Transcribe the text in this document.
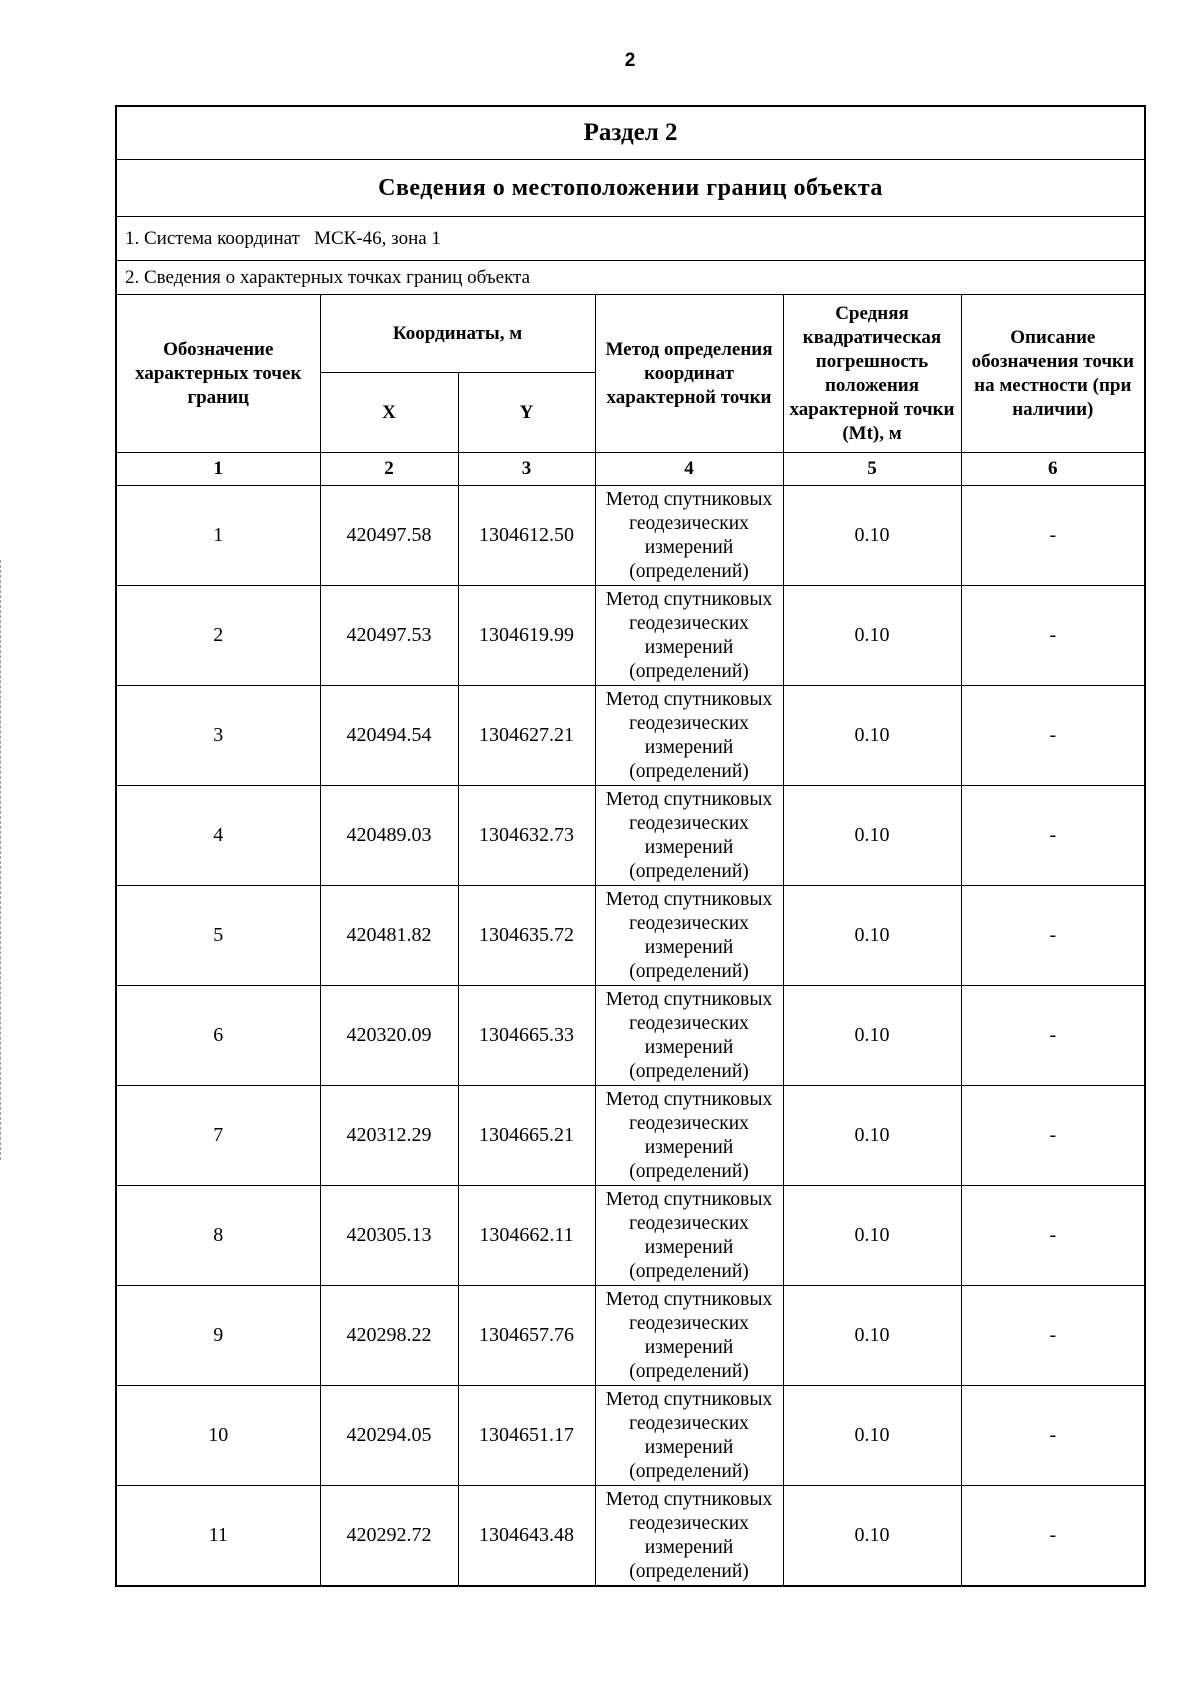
2
Раздел 2					
Сведения о местоположении границ объекта					
1. Система координат МСК-46, зона 1					
2. Сведения о характерных точках границ объекта					
Обозначение характерных точек границ	Координаты, м		Метод определения координат характерной точки	Средняя квадратическая погрешность положения характерной точки (Mt), м	Описание обозначения точки на местности (при наличии)
	X	Y			
1	2	3	4	5	6
1	420497.58	1304612.50	Метод спутниковых геодезических измерений (определений)	0.10	-
2	420497.53	1304619.99	Метод спутниковых геодезических измерений (определений)	0.10	-
3	420494.54	1304627.21	Метод спутниковых геодезических измерений (определений)	0.10	-
4	420489.03	1304632.73	Метод спутниковых геодезических измерений (определений)	0.10	-
5	420481.82	1304635.72	Метод спутниковых геодезических измерений (определений)	0.10	-
6	420320.09	1304665.33	Метод спутниковых геодезических измерений (определений)	0.10	-
7	420312.29	1304665.21	Метод спутниковых геодезических измерений (определений)	0.10	-
8	420305.13	1304662.11	Метод спутниковых геодезических измерений (определений)	0.10	-
9	420298.22	1304657.76	Метод спутниковых геодезических измерений (определений)	0.10	-
10	420294.05	1304651.17	Метод спутниковых геодезических измерений (определений)	0.10	-
11	420292.72	1304643.48	Метод спутниковых геодезических измерений (определений)	0.10	-
